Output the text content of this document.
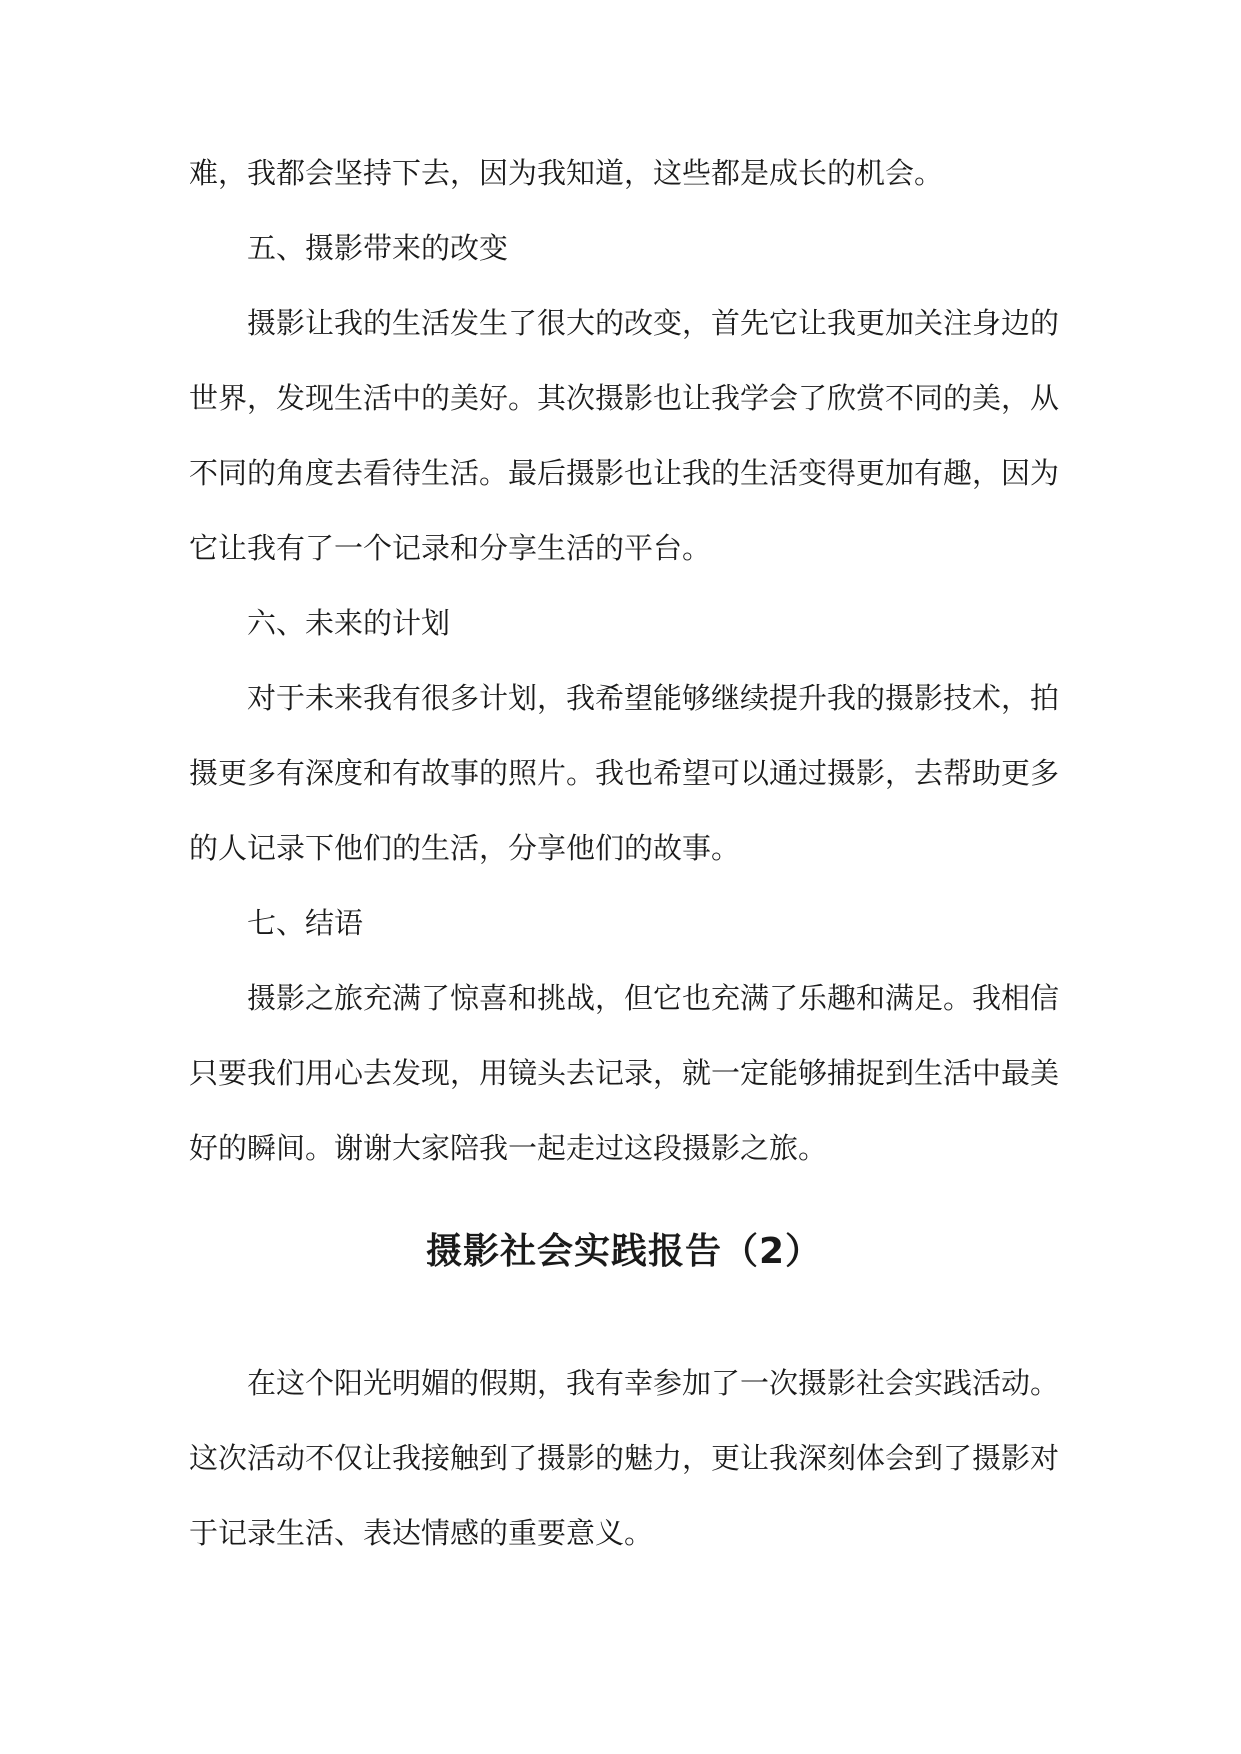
难，我都会坚持下去，因为我知道，这些都是成长的机会。

五、摄影带来的改变

摄影让我的生活发生了很大的改变，首先它让我更加关注身边的世界，发现生活中的美好。其次摄影也让我学会了欣赏不同的美，从不同的角度去看待生活。最后摄影也让我的生活变得更加有趣，因为它让我有了一个记录和分享生活的平台。

六、未来的计划

对于未来我有很多计划，我希望能够继续提升我的摄影技术，拍摄更多有深度和有故事的照片。我也希望可以通过摄影，去帮助更多的人记录下他们的生活，分享他们的故事。

七、结语

摄影之旅充满了惊喜和挑战，但它也充满了乐趣和满足。我相信只要我们用心去发现，用镜头去记录，就一定能够捕捉到生活中最美好的瞬间。谢谢大家陪我一起走过这段摄影之旅。

摄影社会实践报告（2）

在这个阳光明媚的假期，我有幸参加了一次摄影社会实践活动。这次活动不仅让我接触到了摄影的魅力，更让我深刻体会到了摄影对于记录生活、表达情感的重要意义。
